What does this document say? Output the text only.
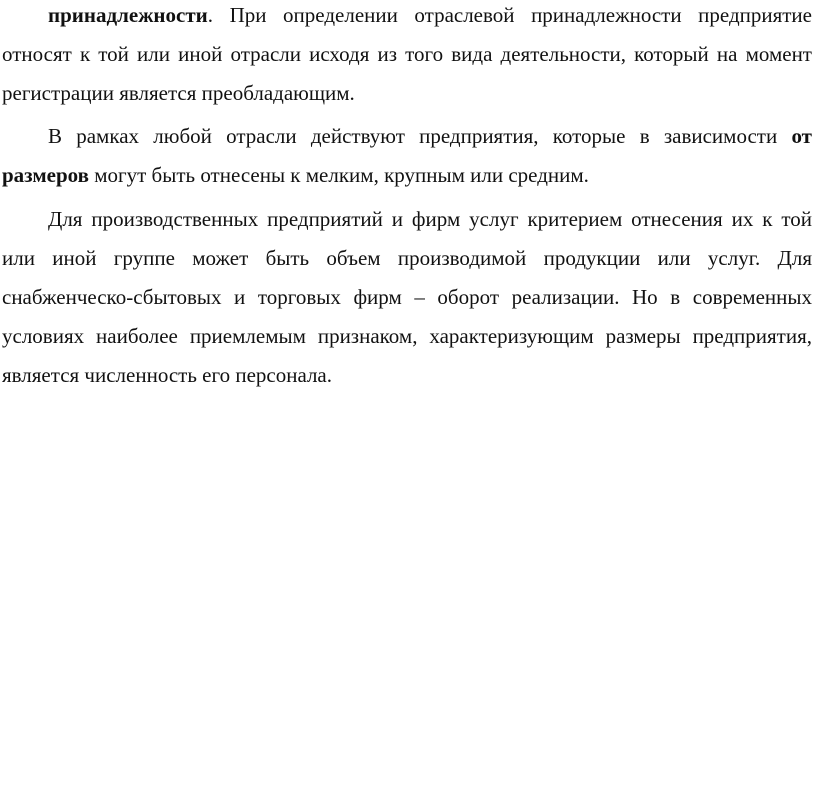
принадлежности. При определении отраслевой принадлежности предприятие относят к той или иной отрасли исходя из того вида деятельности, который на момент регистрации является преобладающим.

В рамках любой отрасли действуют предприятия, которые в зависимости от размеров могут быть отнесены к мелким, крупным или средним.

Для производственных предприятий и фирм услуг критерием отнесения их к той или иной группе может быть объем производимой продукции или услуг. Для снабженческо-сбытовых и торговых фирм – оборот реализации. Но в современных условиях наиболее приемлемым признаком, характеризующим размеры предприятия, является численность его персонала.
